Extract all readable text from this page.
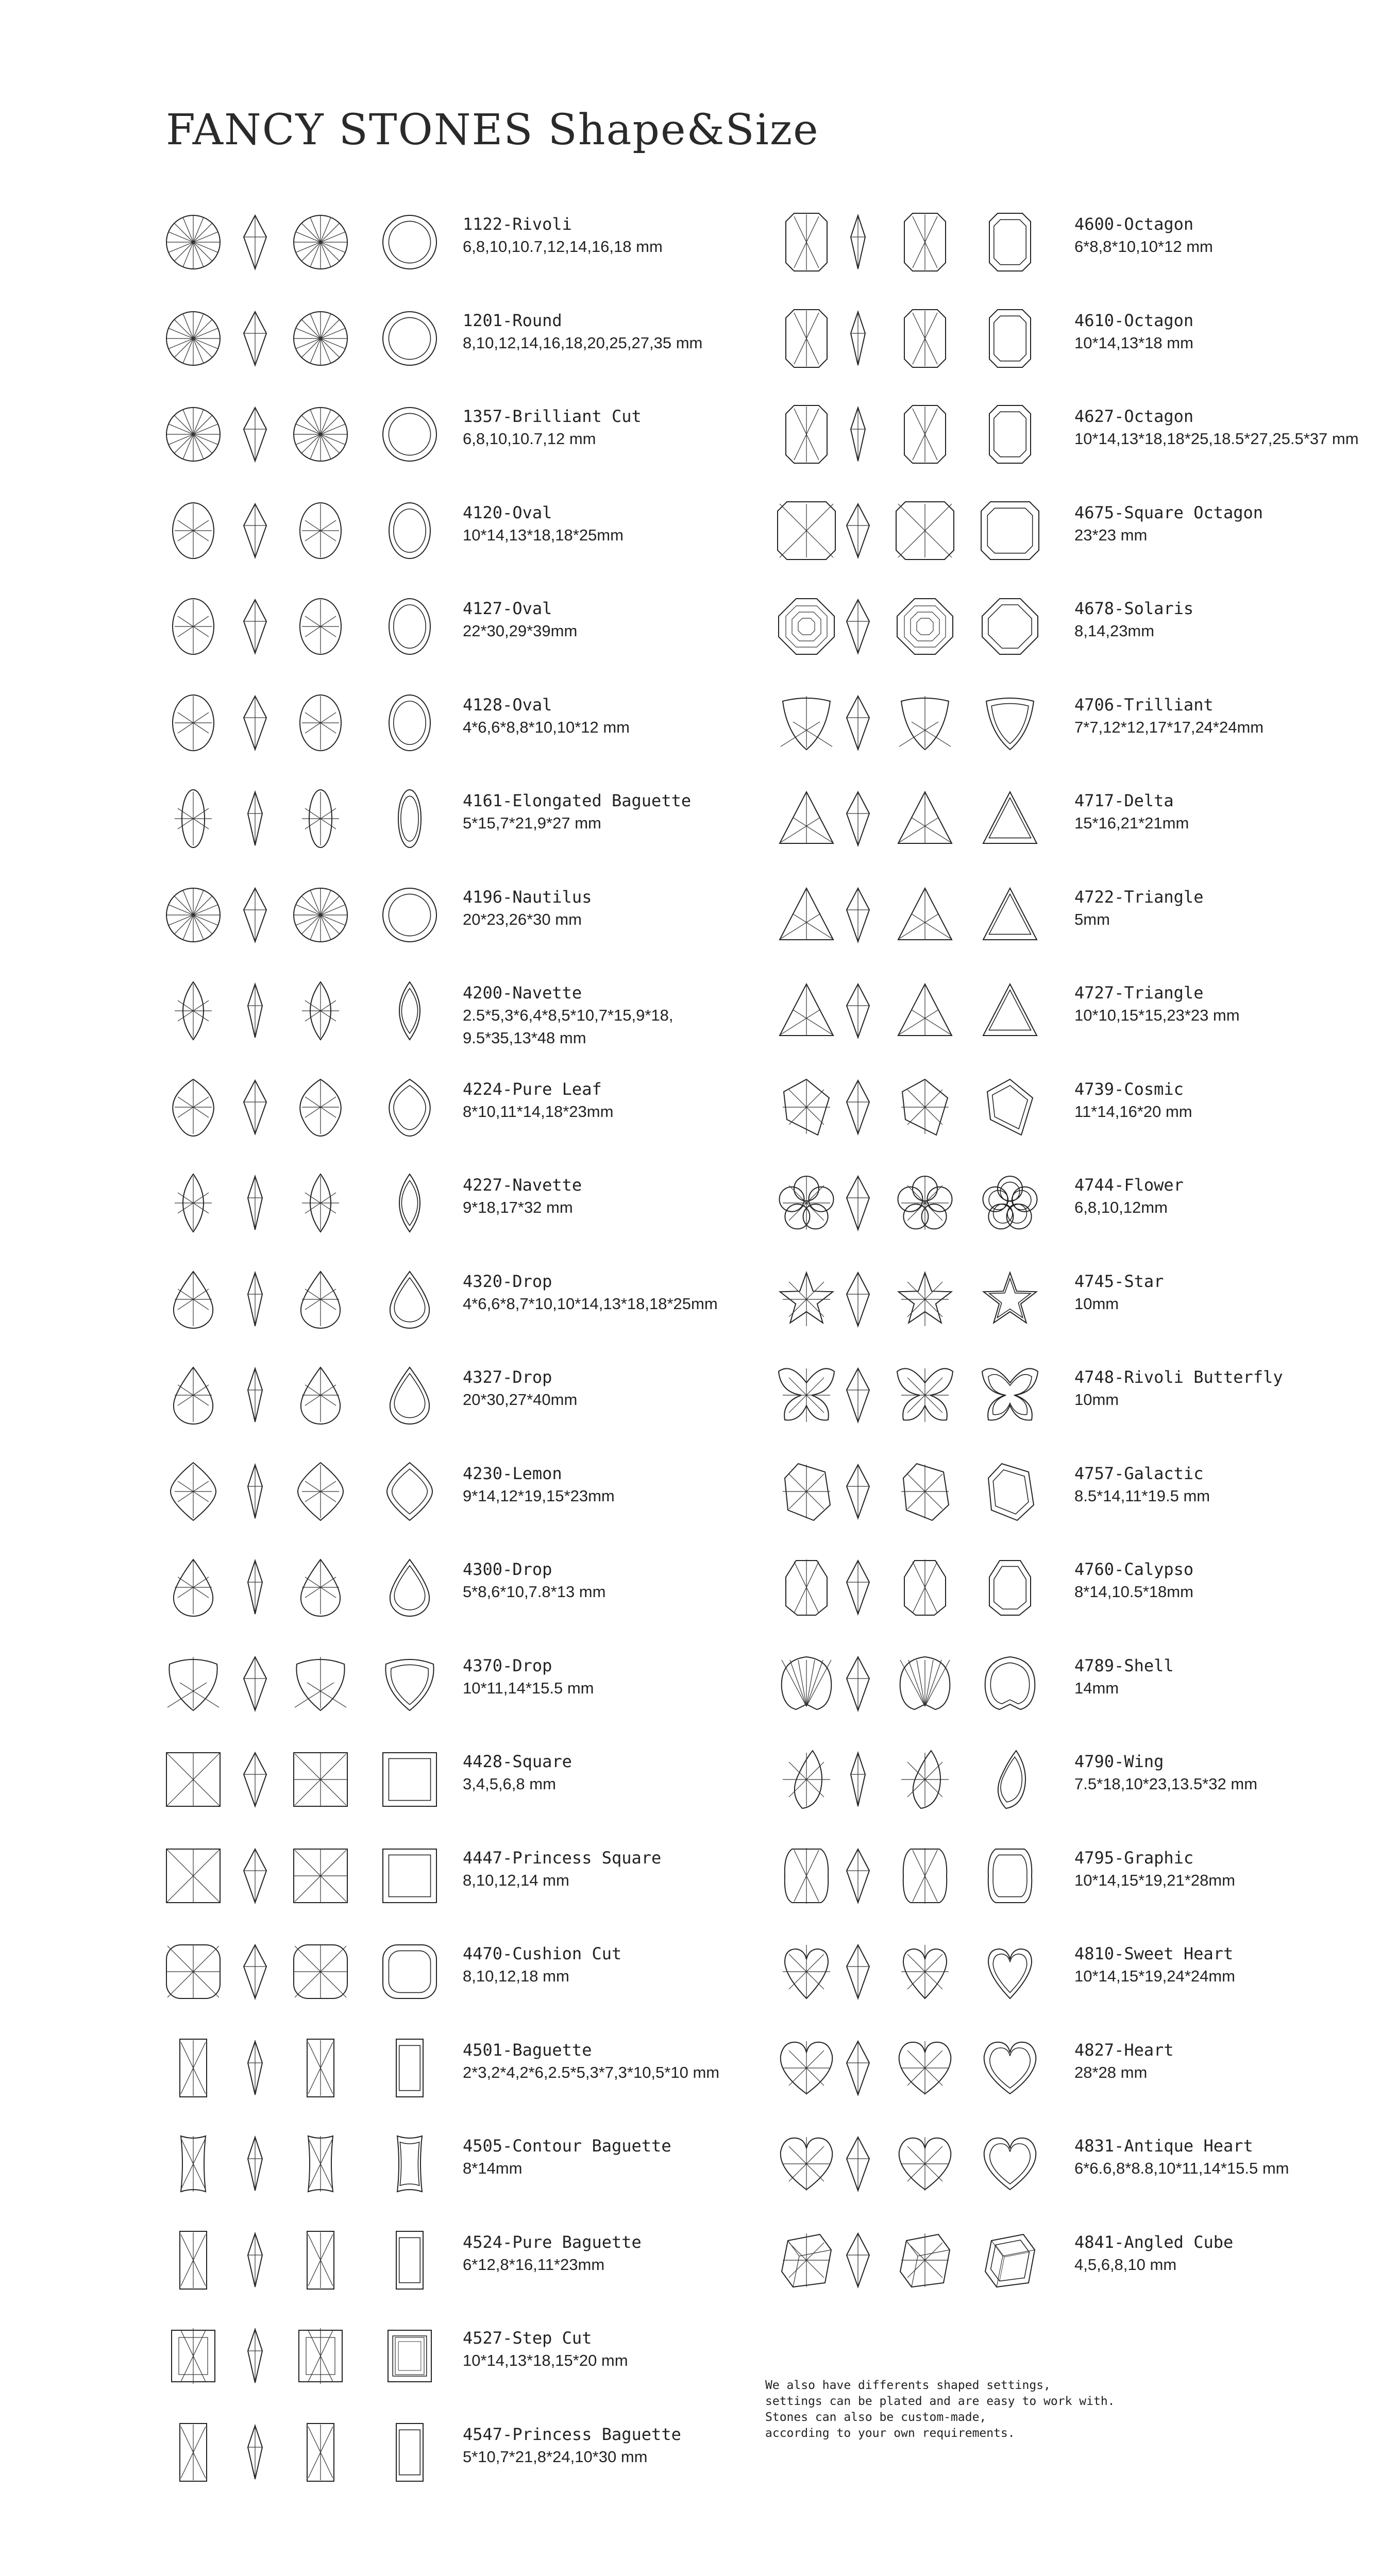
FANCY STONES Shape&Size
1122-Rivoli
6,8,10,10.7,12,14,16,18 mm
1201-Round
8,10,12,14,16,18,20,25,27,35 mm
1357-Brilliant Cut
6,8,10,10.7,12 mm
4120-Oval
10*14,13*18,18*25mm
4127-Oval
22*30,29*39mm
4128-Oval
4*6,6*8,8*10,10*12 mm
4161-Elongated Baguette
5*15,7*21,9*27 mm
4196-Nautilus
20*23,26*30 mm
4200-Navette
2.5*5,3*6,4*8,5*10,7*15,9*18,
9.5*35,13*48 mm
4224-Pure Leaf
8*10,11*14,18*23mm
4227-Navette
9*18,17*32 mm
4320-Drop
4*6,6*8,7*10,10*14,13*18,18*25mm
4327-Drop
20*30,27*40mm
4230-Lemon
9*14,12*19,15*23mm
4300-Drop
5*8,6*10,7.8*13 mm
4370-Drop
10*11,14*15.5 mm
4428-Square
3,4,5,6,8 mm
4447-Princess Square
8,10,12,14 mm
4470-Cushion Cut
8,10,12,18 mm
4501-Baguette
2*3,2*4,2*6,2.5*5,3*7,3*10,5*10 mm
4505-Contour Baguette
8*14mm
4524-Pure Baguette
6*12,8*16,11*23mm
4527-Step Cut
10*14,13*18,15*20 mm
4547-Princess Baguette
5*10,7*21,8*24,10*30 mm
4600-Octagon
6*8,8*10,10*12 mm
4610-Octagon
10*14,13*18 mm
4627-Octagon
10*14,13*18,18*25,18.5*27,25.5*37 mm
4675-Square Octagon
23*23 mm
4678-Solaris
8,14,23mm
4706-Trilliant
7*7,12*12,17*17,24*24mm
4717-Delta
15*16,21*21mm
4722-Triangle
5mm
4727-Triangle
10*10,15*15,23*23 mm
4739-Cosmic
11*14,16*20 mm
4744-Flower
6,8,10,12mm
4745-Star
10mm
4748-Rivoli Butterfly
10mm
4757-Galactic
8.5*14,11*19.5 mm
4760-Calypso
8*14,10.5*18mm
4789-Shell
14mm
4790-Wing
7.5*18,10*23,13.5*32 mm
4795-Graphic
10*14,15*19,21*28mm
4810-Sweet Heart
10*14,15*19,24*24mm
4827-Heart
28*28 mm
4831-Antique Heart
6*6.6,8*8.8,10*11,14*15.5 mm
4841-Angled Cube
4,5,6,8,10 mm
We also have differents shaped settings,
settings can be plated and are easy to work with.
Stones can also be custom-made,
according to your own requirements.
